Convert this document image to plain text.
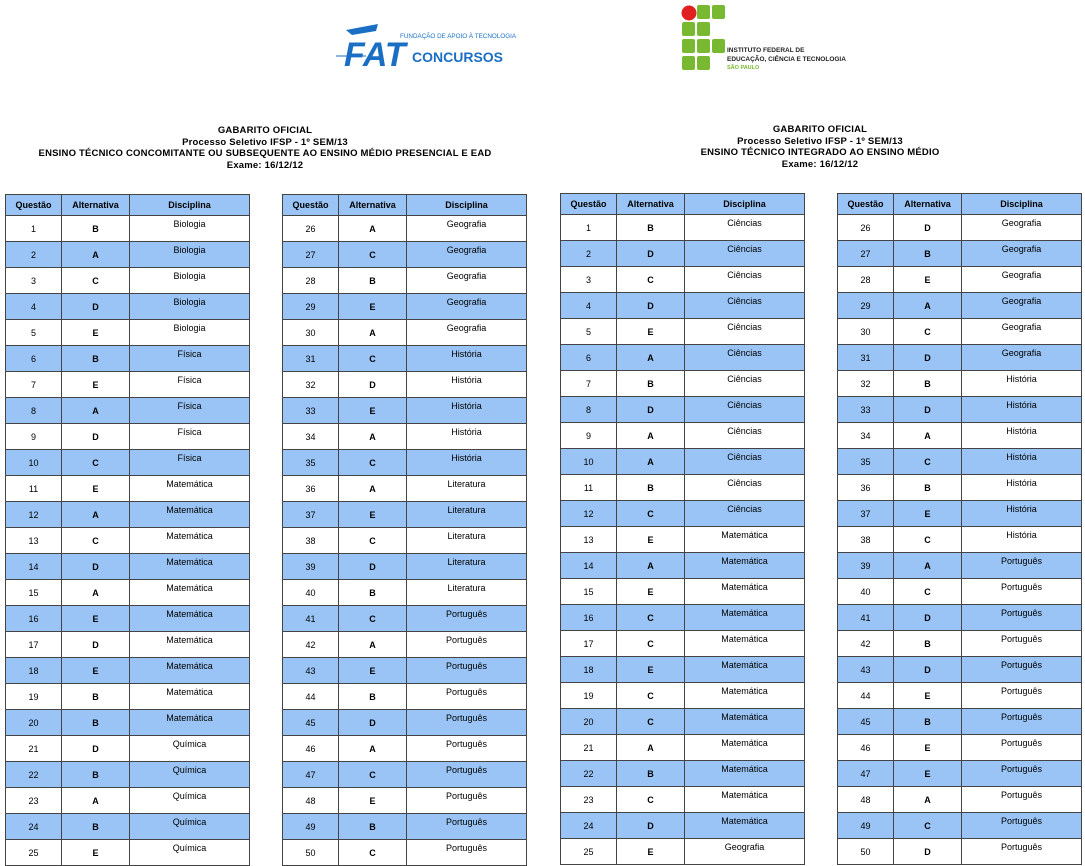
FAT
FUNDAÇÃO DE APOIO À TECNOLOGIA
CONCURSOS	INSTITUTO FEDERAL DE
EDUCAÇÃO, CIÊNCIA E TECNOLOGIA
SÃO PAULO
GABARITO OFICIAL
Processo Seletivo IFSP - 1º SEM/13
ENSINO TÉCNICO CONCOMITANTE OU SUBSEQUENTE AO ENSINO MÉDIO PRESENCIAL E EAD
Exame: 16/12/12
GABARITO OFICIAL
Processo Seletivo IFSP - 1º SEM/13
ENSINO TÉCNICO INTEGRADO AO ENSINO MÉDIO
Exame: 16/12/12
Questão	Alternativa	Disciplina
1	B	Biologia
2	A	Biologia
3	C	Biologia
4	D	Biologia
5	E	Biologia
6	B	Física
7	E	Física
8	A	Física
9	D	Física
10	C	Física
11	E	Matemática
12	A	Matemática
13	C	Matemática
14	D	Matemática
15	A	Matemática
16	E	Matemática
17	D	Matemática
18	E	Matemática
19	B	Matemática
20	B	Matemática
21	D	Química
22	B	Química
23	A	Química
24	B	Química
25	E	Química
Questão	Alternativa	Disciplina
26	A	Geografia
27	C	Geografia
28	B	Geografia
29	E	Geografia
30	A	Geografia
31	C	História
32	D	História
33	E	História
34	A	História
35	C	História
36	A	Literatura
37	E	Literatura
38	C	Literatura
39	D	Literatura
40	B	Literatura
41	C	Português
42	A	Português
43	E	Português
44	B	Português
45	D	Português
46	A	Português
47	C	Português
48	E	Português
49	B	Português
50	C	Português
Questão	Alternativa	Disciplina
1	B	Ciências
2	D	Ciências
3	C	Ciências
4	D	Ciências
5	E	Ciências
6	A	Ciências
7	B	Ciências
8	D	Ciências
9	A	Ciências
10	A	Ciências
11	B	Ciências
12	C	Ciências
13	E	Matemática
14	A	Matemática
15	E	Matemática
16	C	Matemática
17	C	Matemática
18	E	Matemática
19	C	Matemática
20	C	Matemática
21	A	Matemática
22	B	Matemática
23	C	Matemática
24	D	Matemática
25	E	Geografia
Questão	Alternativa	Disciplina
26	D	Geografia
27	B	Geografia
28	E	Geografia
29	A	Geografia
30	C	Geografia
31	D	Geografia
32	B	História
33	D	História
34	A	História
35	C	História
36	B	História
37	E	História
38	C	História
39	A	Português
40	C	Português
41	D	Português
42	B	Português
43	D	Português
44	E	Português
45	B	Português
46	E	Português
47	E	Português
48	A	Português
49	C	Português
50	D	Português
